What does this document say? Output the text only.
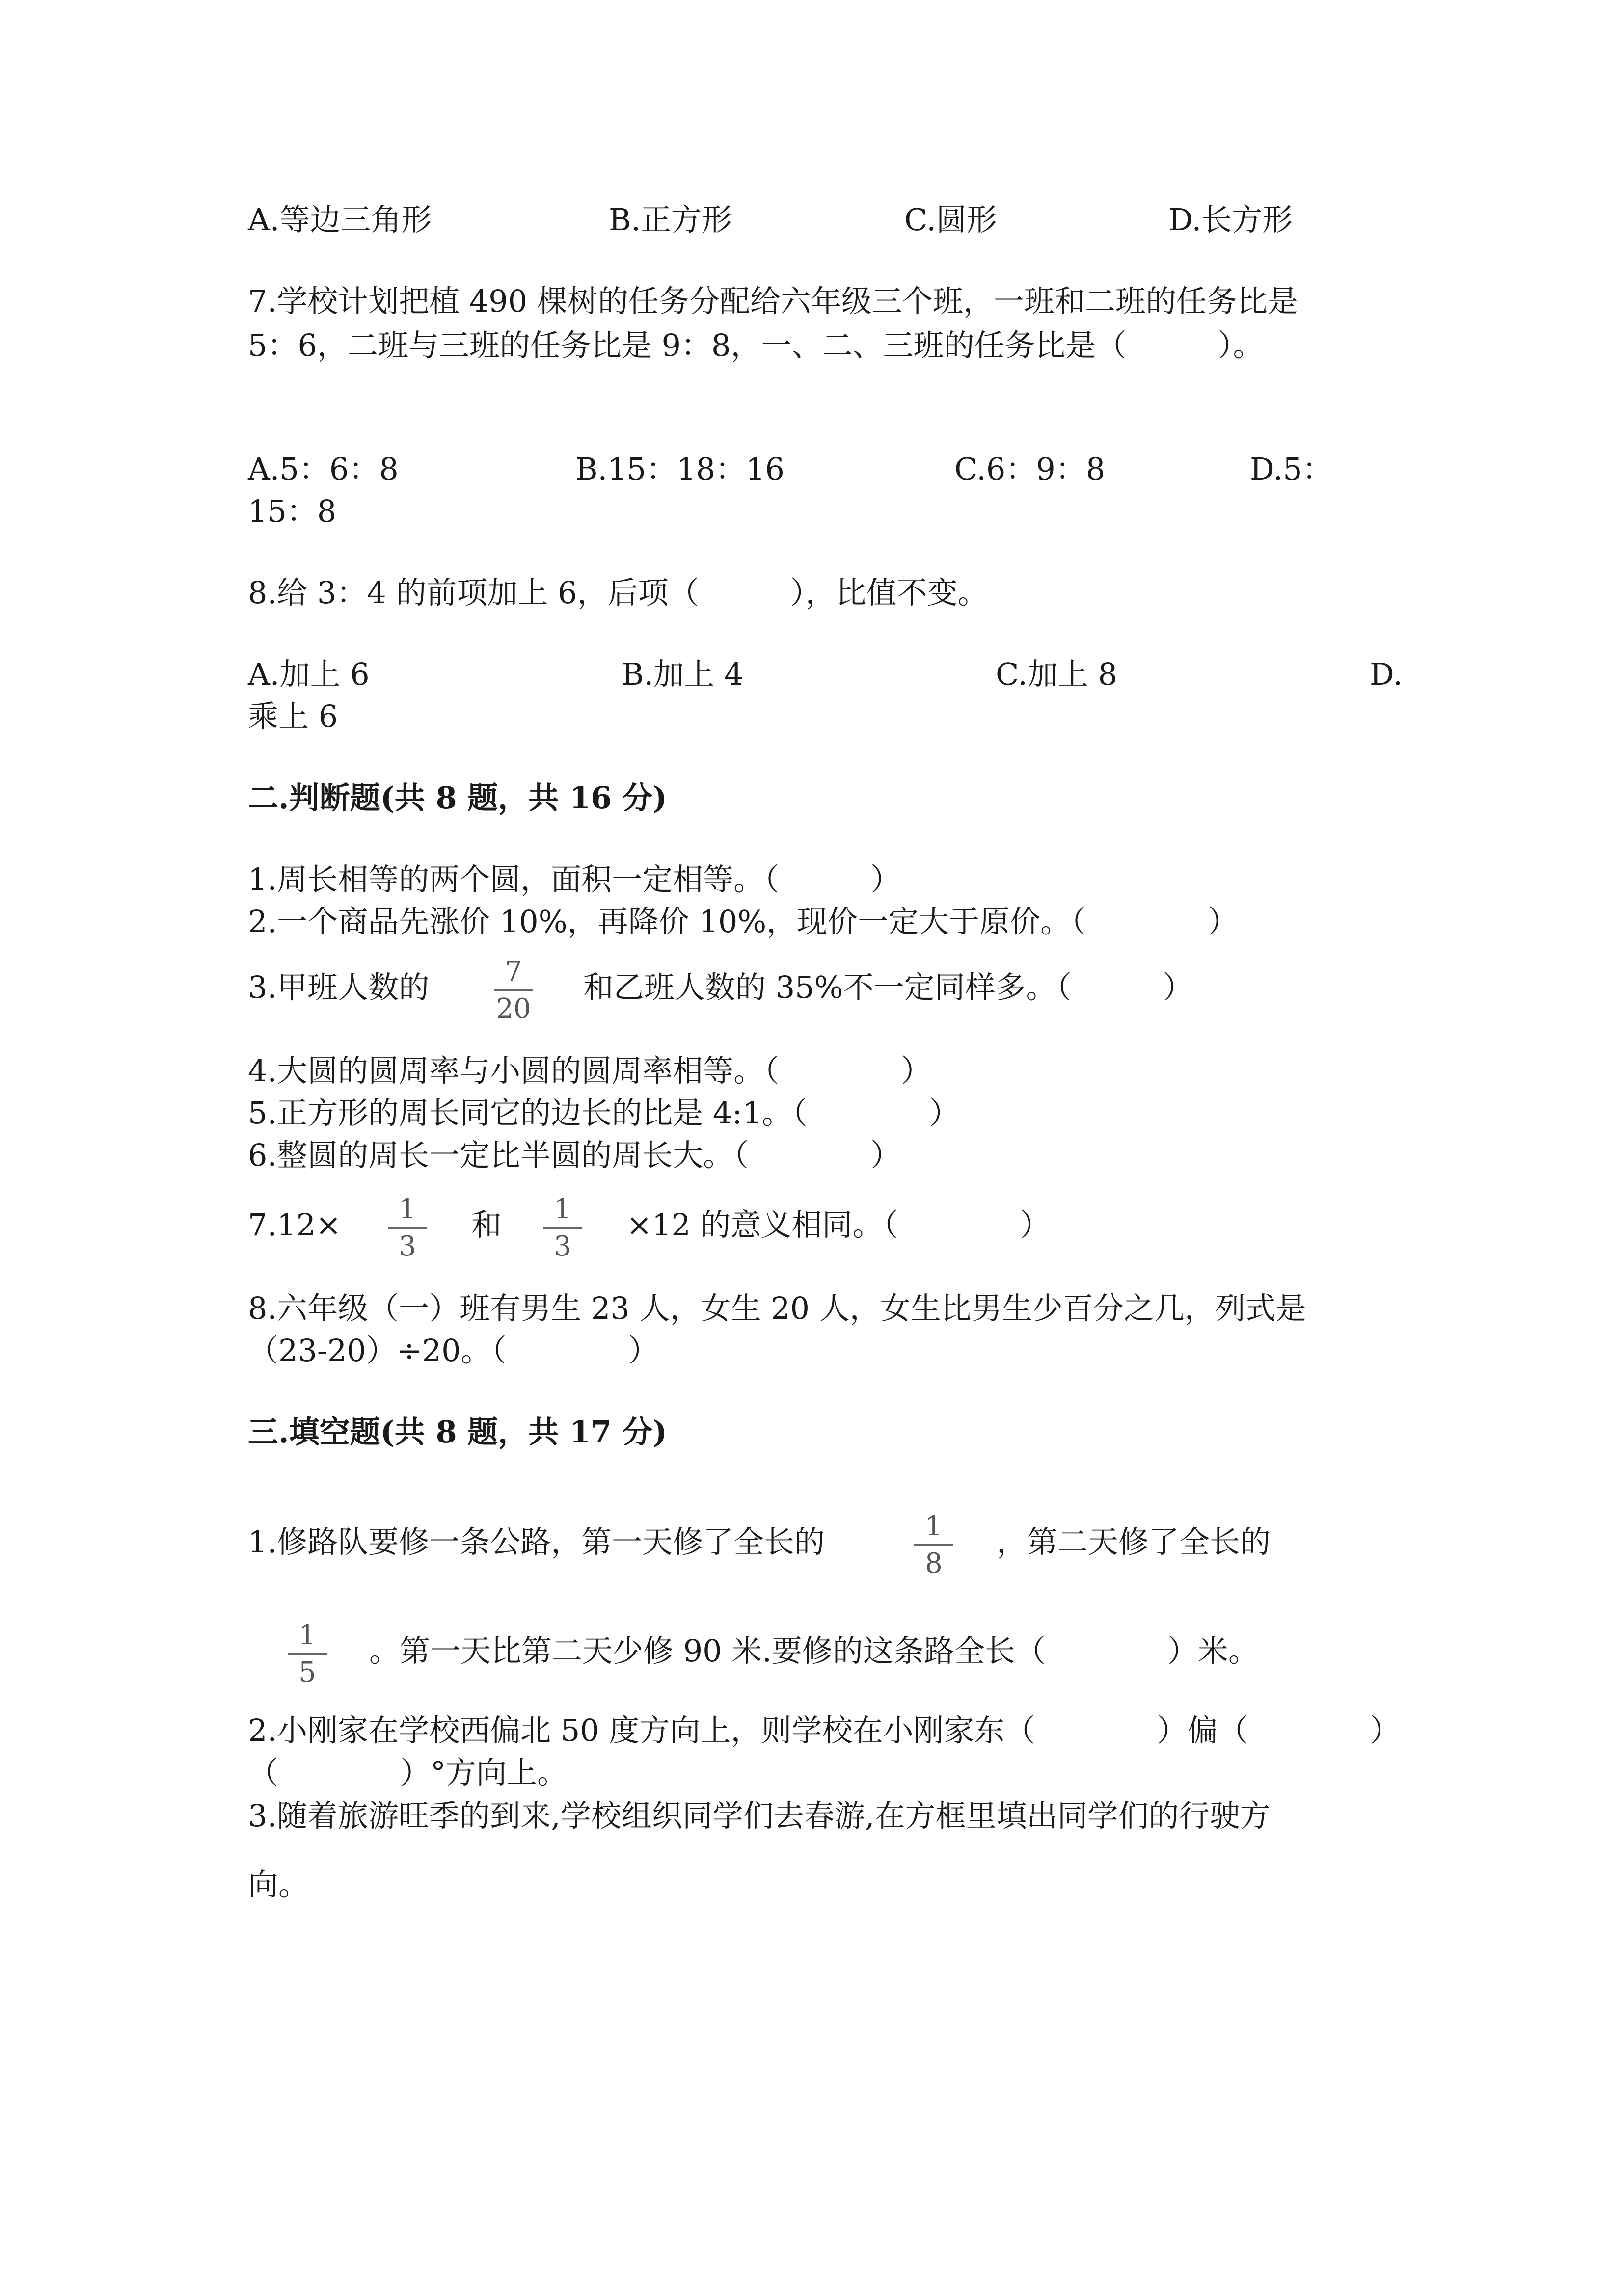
A.等边三角形	B.正方形	C.圆形	D.长方形
7.学校计划把植 490 棵树的任务分配给六年级三个班，一班和二班的任务比是
5：6，二班与三班的任务比是 9：8，一、二、三班的任务比是（　　　）。
A.5：6：8	B.15：18：16	C.6：9：8	D.5：
15：8
8.给 3：4 的前项加上 6，后项（　　　），比值不变。
A.加上 6	B.加上 4	C.加上 8	D.
乘上 6
二.判断题(共 8 题，共 16 分)
1.周长相等的两个圆，面积一定相等。（　　　）
2.一个商品先涨价 10%，再降价 10%，现价一定大于原价。（　　　　）
3.甲班人数的	7
20
和乙班人数的 35%不一定同样多。（　　　）
4.大圆的圆周率与小圆的圆周率相等。（　　　　）
5.正方形的周长同它的边长的比是 4:1。（　　　　）
6.整圆的周长一定比半圆的周长大。（　　　　）
7.12×	1
3
和	1
3
×12 的意义相同。（　　　　）
8.六年级（一）班有男生 23 人，女生 20 人，女生比男生少百分之几，列式是
（23-20）÷20。（　　　　）
三.填空题(共 8 题，共 17 分)
1.修路队要修一条公路，第一天修了全长的	1
8
，第二天修了全长的
1
5
。第一天比第二天少修 90 米.要修的这条路全长（　　　　）米。
2.小刚家在学校西偏北 50 度方向上，则学校在小刚家东（　　　　）偏（　　　　）
（　　　　）°方向上。
3.随着旅游旺季的到来,学校组织同学们去春游,在方框里填出同学们的行驶方
向。
